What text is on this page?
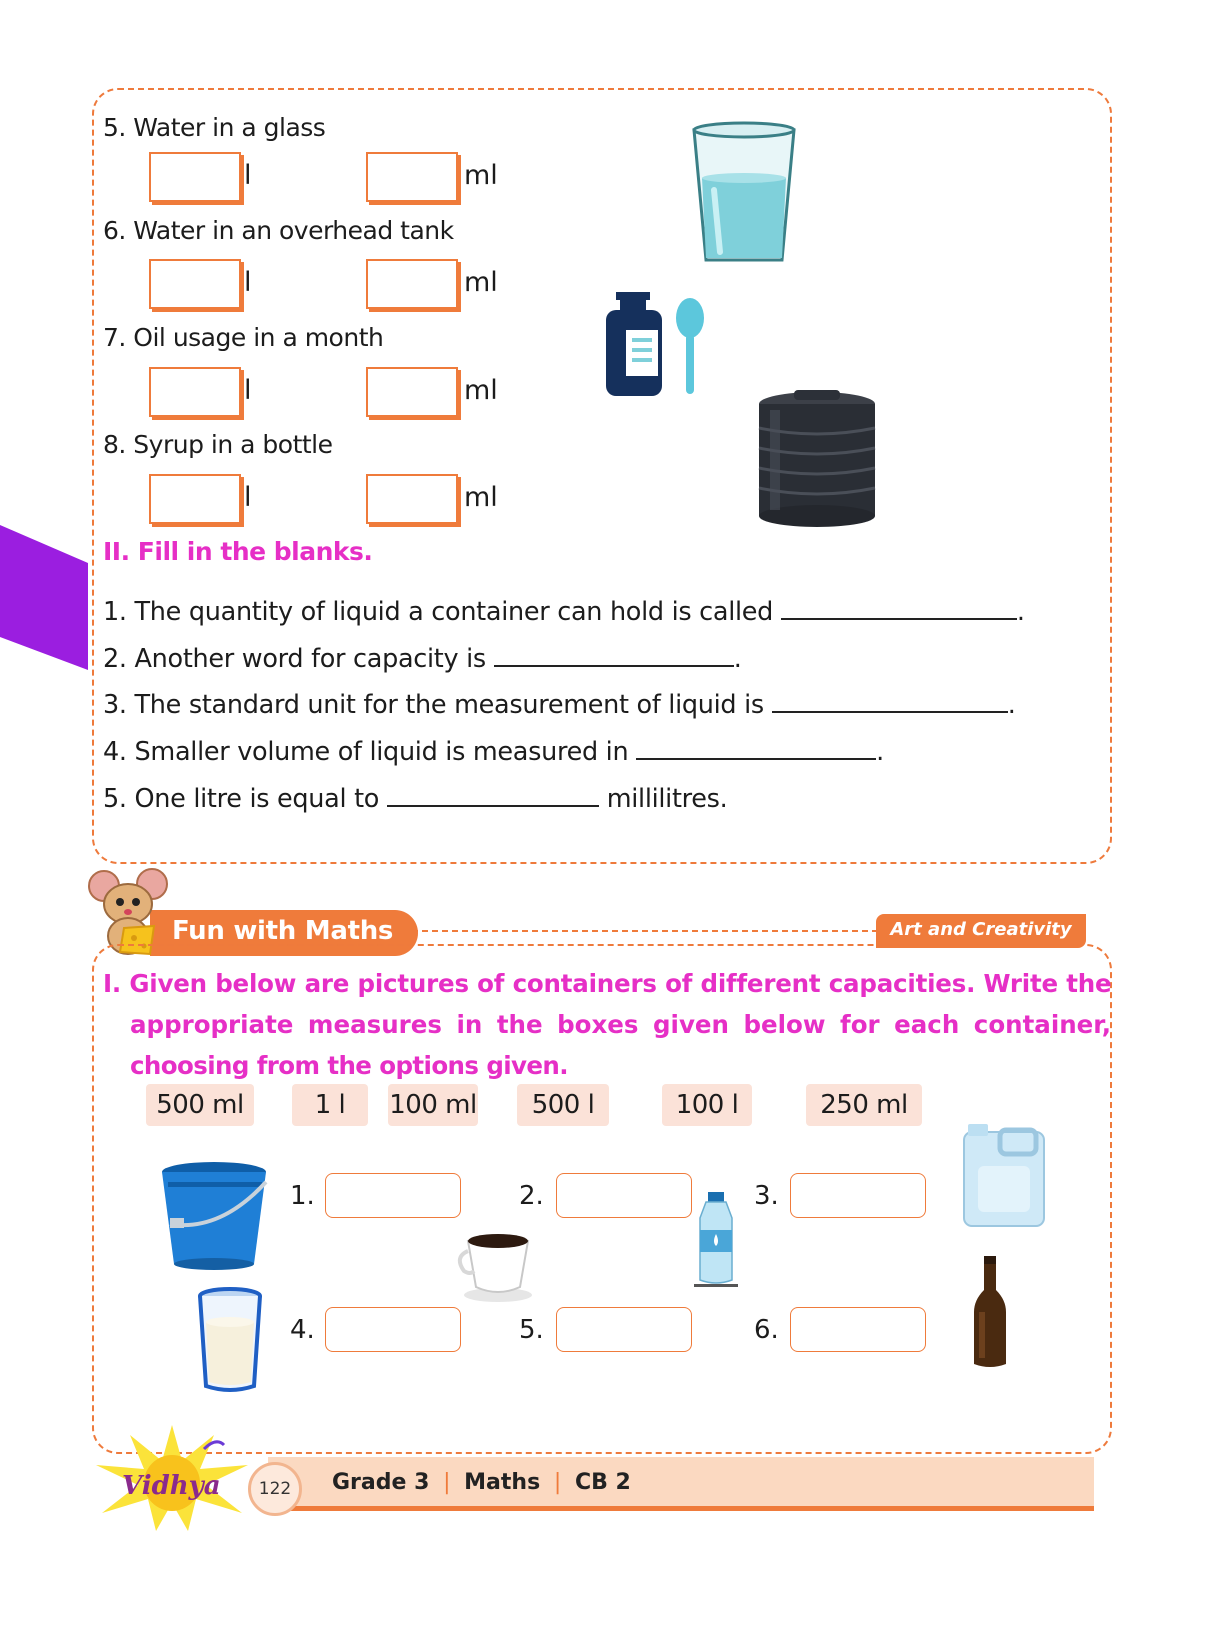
5. Water in a glass
l	ml
6. Water in an overhead tank
l	ml
7. Oil usage in a month
l	ml
8. Syrup in a bottle
l	ml
II. Fill in the blanks.
1. The quantity of liquid a container can hold is called	.
2. Another word for capacity is	.
3. The standard unit for the measurement of liquid is	.
4. Smaller volume of liquid is measured in	.
5. One litre is equal to	millilitres.
Fun with Maths	Art and Creativity
I. Given below are pictures of containers of different capacities. Write the
appropriate measures in the boxes given below for each container,
choosing from the options given.
500 ml	1 l	100 ml	500 l	100 l	250 ml
1.	2.	3.
4.	5.	6.
122	Grade 3 | Maths | CB 2
Vidhya
